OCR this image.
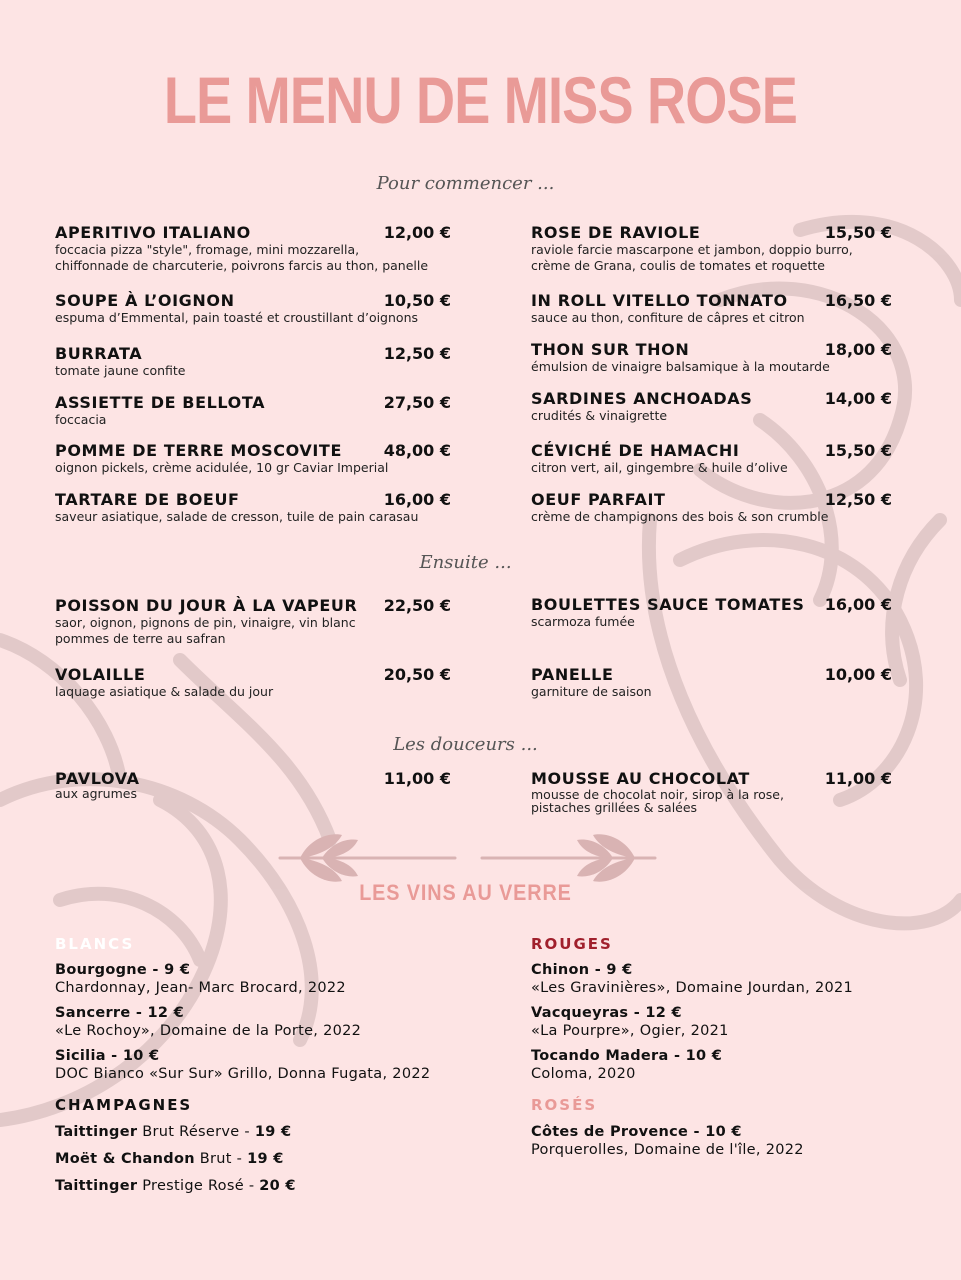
LE MENU DE MISS ROSE
Pour commencer ...
Ensuite ...
Les douceurs ...
APERITIVO ITALIANO	12,00 €
foccacia pizza "style", fromage, mini mozzarella,
chiffonnade de charcuterie, poivrons farcis au thon, panelle
SOUPE À L’OIGNON	10,50 €
espuma d’Emmental, pain toasté et croustillant d’oignons
BURRATA	12,50 €
tomate jaune confite
ASSIETTE DE BELLOTA	27,50 €
foccacia
POMME DE TERRE MOSCOVITE	48,00 €
oignon pickels, crème acidulée, 10 gr Caviar Imperial
TARTARE DE BOEUF	16,00 €
saveur asiatique, salade de cresson, tuile de pain carasau
ROSE DE RAVIOLE	15,50 €
raviole farcie mascarpone et jambon, doppio burro,
crème de Grana, coulis de tomates et roquette
IN ROLL VITELLO TONNATO	16,50 €
sauce au thon, confiture de câpres et citron
THON SUR THON	18,00 €
émulsion de vinaigre balsamique à la moutarde
SARDINES ANCHOADAS	14,00 €
crudités & vinaigrette
CÉVICHÉ DE HAMACHI	15,50 €
citron vert, ail, gingembre & huile d’olive
OEUF PARFAIT	12,50 €
crème de champignons des bois & son crumble
POISSON DU JOUR À LA VAPEUR	22,50 €
saor, oignon, pignons de pin, vinaigre, vin blanc
pommes de terre au safran
VOLAILLE	20,50 €
laquage asiatique & salade du jour
BOULETTES SAUCE TOMATES	16,00 €
scarmoza fumée
PANELLE	10,00 €
garniture de saison
PAVLOVA	11,00 €
aux agrumes
MOUSSE AU CHOCOLAT	11,00 €
mousse de chocolat noir, sirop à la rose,
pistaches grillées & salées
LES VINS AU VERRE
BLANCS
Bourgogne - 9 €
Chardonnay, Jean- Marc Brocard, 2022
Sancerre - 12 €
«Le Rochoy», Domaine de la Porte, 2022
Sicilia - 10 €
DOC Bianco «Sur Sur» Grillo, Donna Fugata, 2022
CHAMPAGNES
Taittinger Brut Réserve - 19 €
Moët & Chandon Brut - 19 €
Taittinger Prestige Rosé - 20 €
ROUGES
Chinon - 9 €
«Les Gravinières», Domaine Jourdan, 2021
Vacqueyras - 12 €
«La Pourpre», Ogier, 2021
Tocando Madera - 10 €
Coloma, 2020
ROSÉS
Côtes de Provence - 10 €
Porquerolles, Domaine de l'île, 2022
